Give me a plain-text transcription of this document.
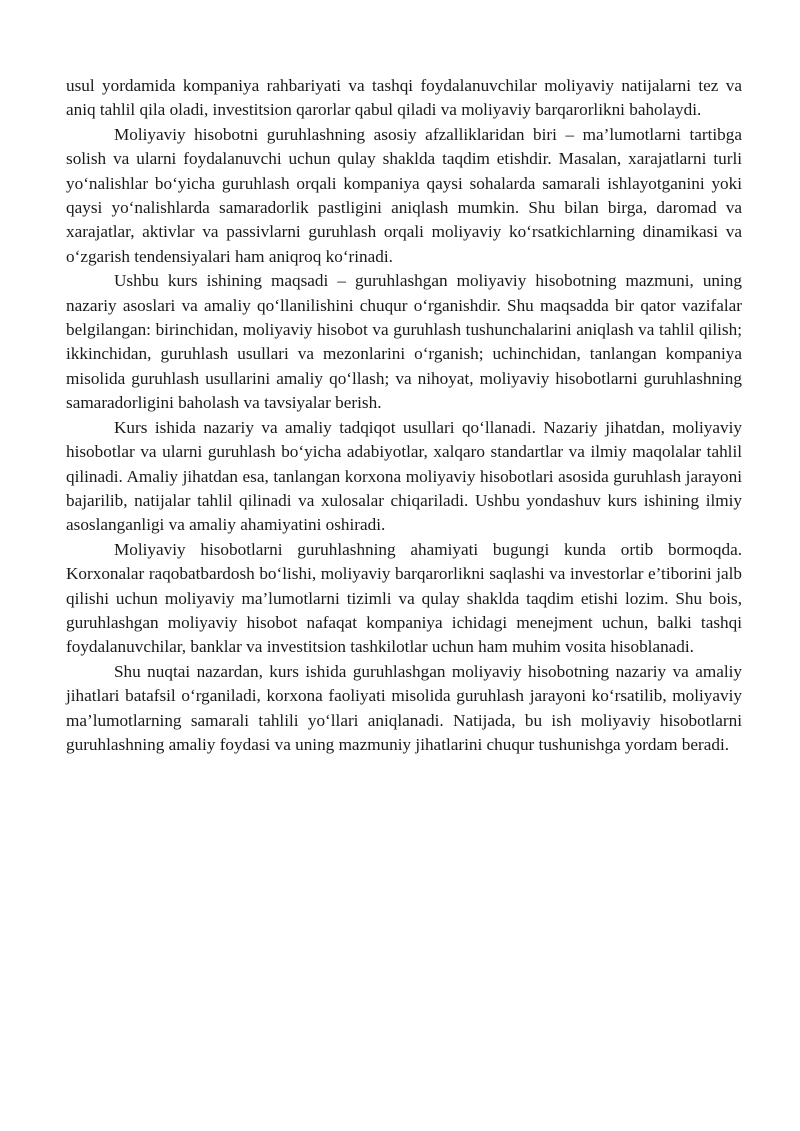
usul yordamida kompaniya rahbariyati va tashqi foydalanuvchilar moliyaviy natijalarni tez va aniq tahlil qila oladi, investitsion qarorlar qabul qiladi va moliyaviy barqarorlikni baholaydi.

Moliyaviy hisobotni guruhlashning asosiy afzalliklaridan biri – ma’lumotlarni tartibga solish va ularni foydalanuvchi uchun qulay shaklda taqdim etishdir. Masalan, xarajatlarni turli yo‘nalishlar bo‘yicha guruhlash orqali kompaniya qaysi sohalarda samarali ishlayotganini yoki qaysi yo‘nalishlarda samaradorlik pastligini aniqlash mumkin. Shu bilan birga, daromad va xarajatlar, aktivlar va passivlarni guruhlash orqali moliyaviy ko‘rsatkichlarning dinamikasi va o‘zgarish tendensiyalari ham aniqroq ko‘rinadi.

Ushbu kurs ishining maqsadi – guruhlashgan moliyaviy hisobotning mazmuni, uning nazariy asoslari va amaliy qo‘llanilishini chuqur o‘rganishdir. Shu maqsadda bir qator vazifalar belgilangan: birinchidan, moliyaviy hisobot va guruhlash tushunchalarini aniqlash va tahlil qilish; ikkinchidan, guruhlash usullari va mezonlarini o‘rganish; uchinchidan, tanlangan kompaniya misolida guruhlash usullarini amaliy qo‘llash; va nihoyat, moliyaviy hisobotlarni guruhlashning samaradorligini baholash va tavsiyalar berish.

Kurs ishida nazariy va amaliy tadqiqot usullari qo‘llanadi. Nazariy jihatdan, moliyaviy hisobotlar va ularni guruhlash bo‘yicha adabiyotlar, xalqaro standartlar va ilmiy maqolalar tahlil qilinadi. Amaliy jihatdan esa, tanlangan korxona moliyaviy hisobotlari asosida guruhlash jarayoni bajarilib, natijalar tahlil qilinadi va xulosalar chiqariladi. Ushbu yondashuv kurs ishining ilmiy asoslanganligi va amaliy ahamiyatini oshiradi.

Moliyaviy hisobotlarni guruhlashning ahamiyati bugungi kunda ortib bormoqda. Korxonalar raqobatbardosh bo‘lishi, moliyaviy barqarorlikni saqlashi va investorlar e’tiborini jalb qilishi uchun moliyaviy ma’lumotlarni tizimli va qulay shaklda taqdim etishi lozim. Shu bois, guruhlashgan moliyaviy hisobot nafaqat kompaniya ichidagi menejment uchun, balki tashqi foydalanuvchilar, banklar va investitsion tashkilotlar uchun ham muhim vosita hisoblanadi.

Shu nuqtai nazardan, kurs ishida guruhlashgan moliyaviy hisobotning nazariy va amaliy jihatlari batafsil o‘rganiladi, korxona faoliyati misolida guruhlash jarayoni ko‘rsatilib, moliyaviy ma’lumotlarning samarali tahlili yo‘llari aniqlanadi. Natijada, bu ish moliyaviy hisobotlarni guruhlashning amaliy foydasi va uning mazmuniy jihatlarini chuqur tushunishga yordam beradi.
